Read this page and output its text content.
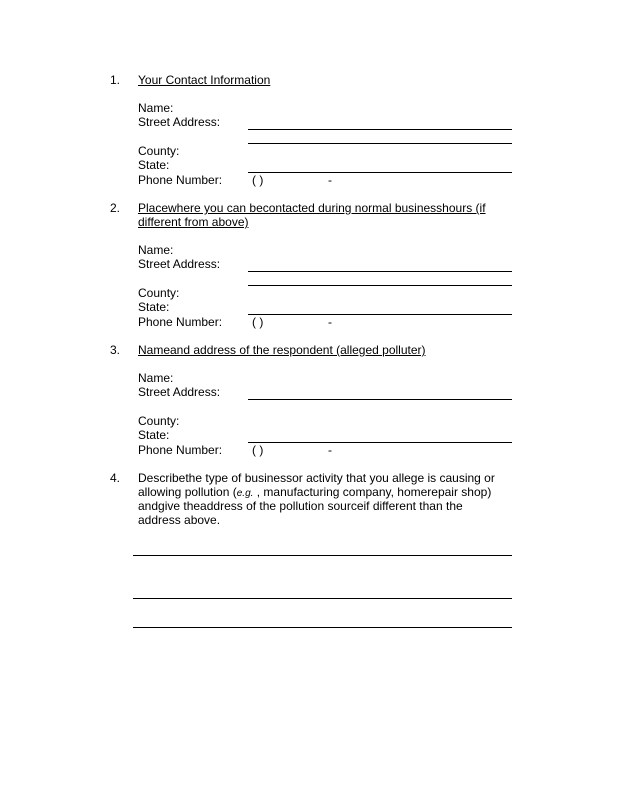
1. Your Contact Information
Name:
Street Address:
County:
State:
Phone Number: ( )	-
2. Placewhere you can becontacted during normal businesshours (if
different from above)
Name:
Street Address:
County:
State:
Phone Number: ( )	-
3. Nameand address of the respondent (alleged polluter)
Name:
Street Address:
County:
State:
Phone Number: ( )	-
4. Describethe type of businessor activity that you allege is causing or
allowing pollution (e.g. , manufacturing company, homerepair shop)
andgive theaddress of the pollution sourceif different than the
address above.
